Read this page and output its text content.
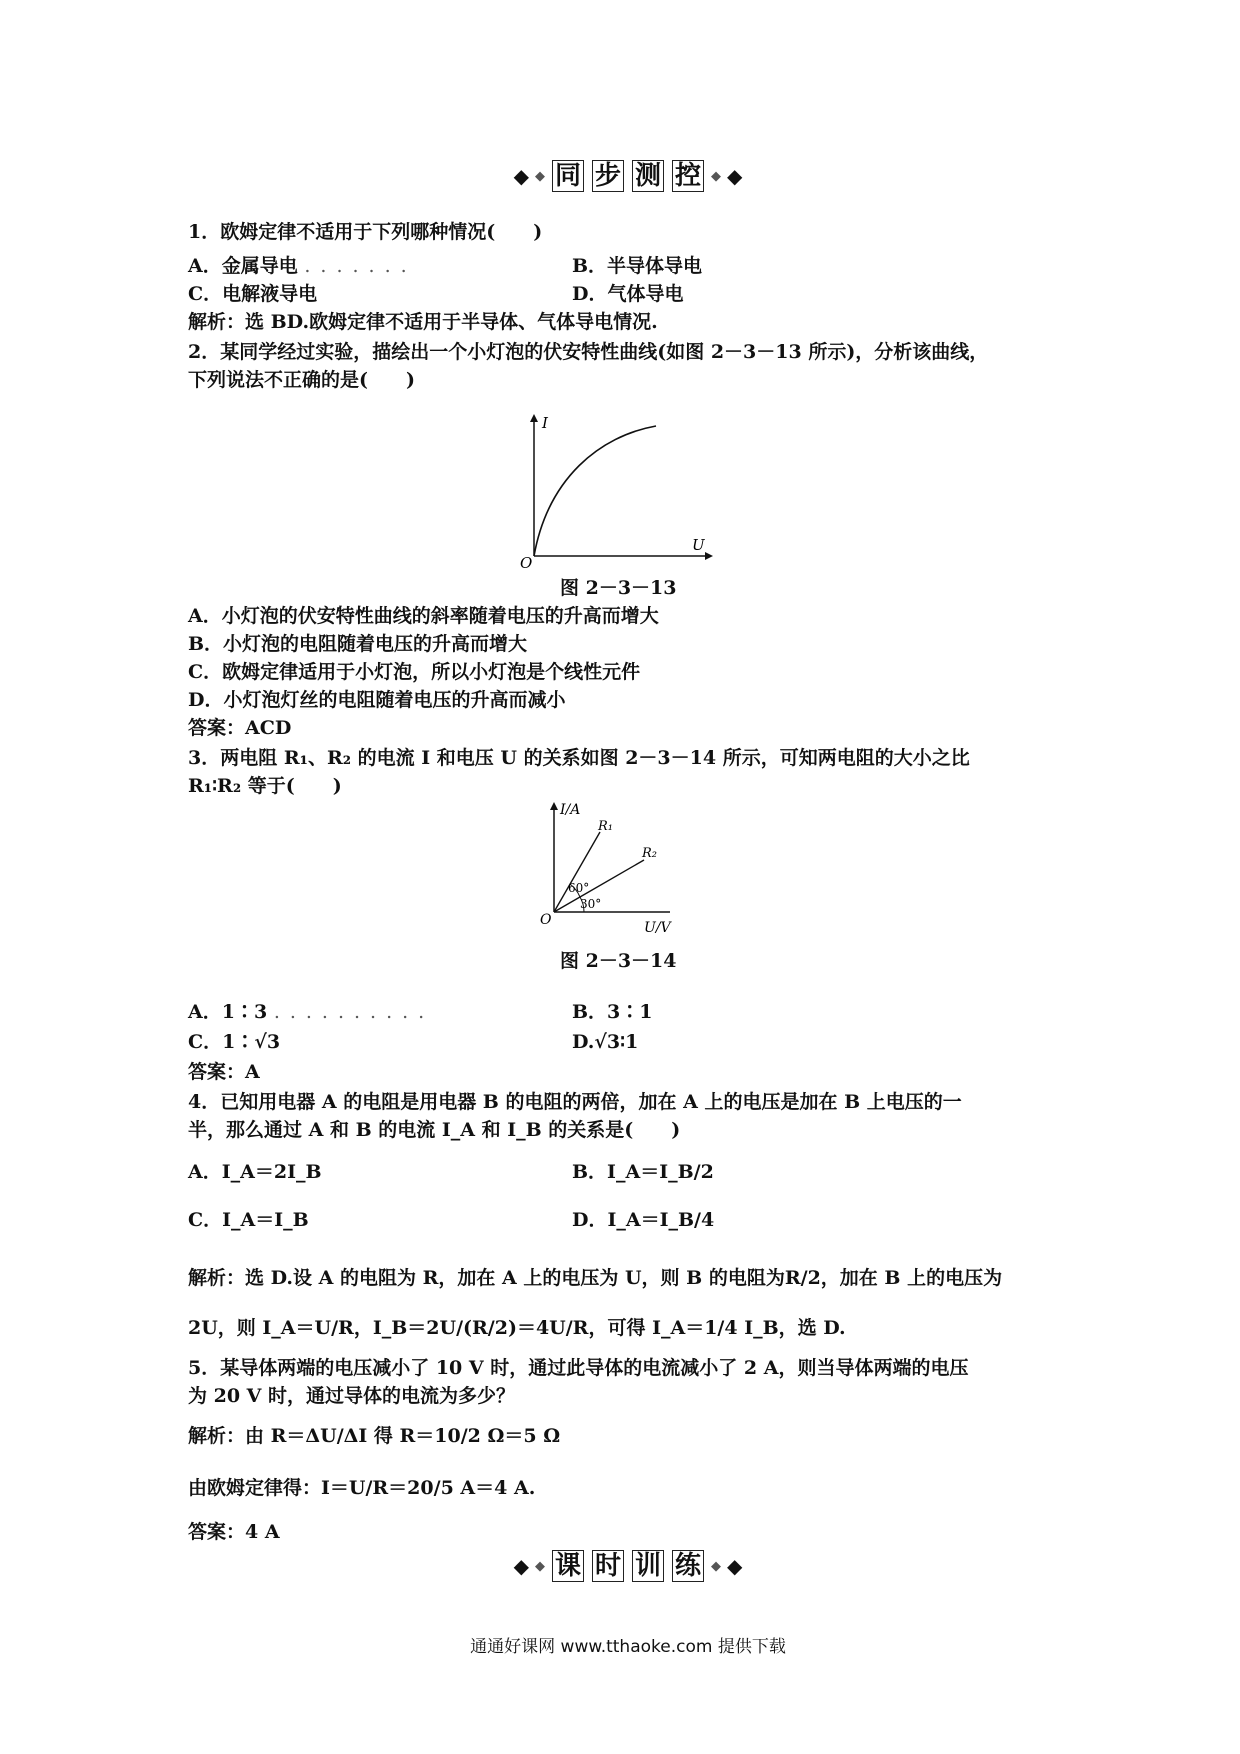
◆ ◆ 同 步 测 控 ◆ ◆
1．欧姆定律不适用于下列哪种情况(　　)
A．金属导电 .......	B．半导体导电
C．电解液导电	D．气体导电
解析：选 BD.欧姆定律不适用于半导体、气体导电情况.
2．某同学经过实验，描绘出一个小灯泡的伏安特性曲线(如图 2－3－13 所示)，分析该曲线，
下列说法不正确的是(　　)
I
U
O
图 2－3－13
A．小灯泡的伏安特性曲线的斜率随着电压的升高而增大
B．小灯泡的电阻随着电压的升高而增大
C．欧姆定律适用于小灯泡，所以小灯泡是个线性元件
D．小灯泡灯丝的电阻随着电压的升高而减小
答案：ACD
3．两电阻 R₁、R₂ 的电流 I 和电压 U 的关系如图 2－3－14 所示，可知两电阻的大小之比
R₁∶R₂ 等于(　　)
I/A
U/V
O
R₁
R₂
60°
30°
图 2－3－14
A．1∶3 ..........	B．3∶1
C．1∶√3	D.√3∶1
答案：A
4．已知用电器 A 的电阻是用电器 B 的电阻的两倍，加在 A 上的电压是加在 B 上电压的一
半，那么通过 A 和 B 的电流 I_A 和 I_B 的关系是(　　)
A．I_A＝2I_B	B．I_A＝I_B/2
C．I_A＝I_B	D．I_A＝I_B/4
解析：选 D.设 A 的电阻为 R，加在 A 上的电压为 U，则 B 的电阻为R/2，加在 B 上的电压为
2U，则 I_A＝U/R，I_B＝2U/(R/2)＝4U/R，可得 I_A＝1/4 I_B，选 D.
5．某导体两端的电压减小了 10 V 时，通过此导体的电流减小了 2 A，则当导体两端的电压
为 20 V 时，通过导体的电流为多少？
解析：由 R＝ΔU/ΔI 得 R＝10/2 Ω＝5 Ω
由欧姆定律得：I＝U/R＝20/5 A＝4 A.
答案：4 A
◆ ◆ 课 时 训 练 ◆ ◆
通通好课网 www.tthaoke.com 提供下载
